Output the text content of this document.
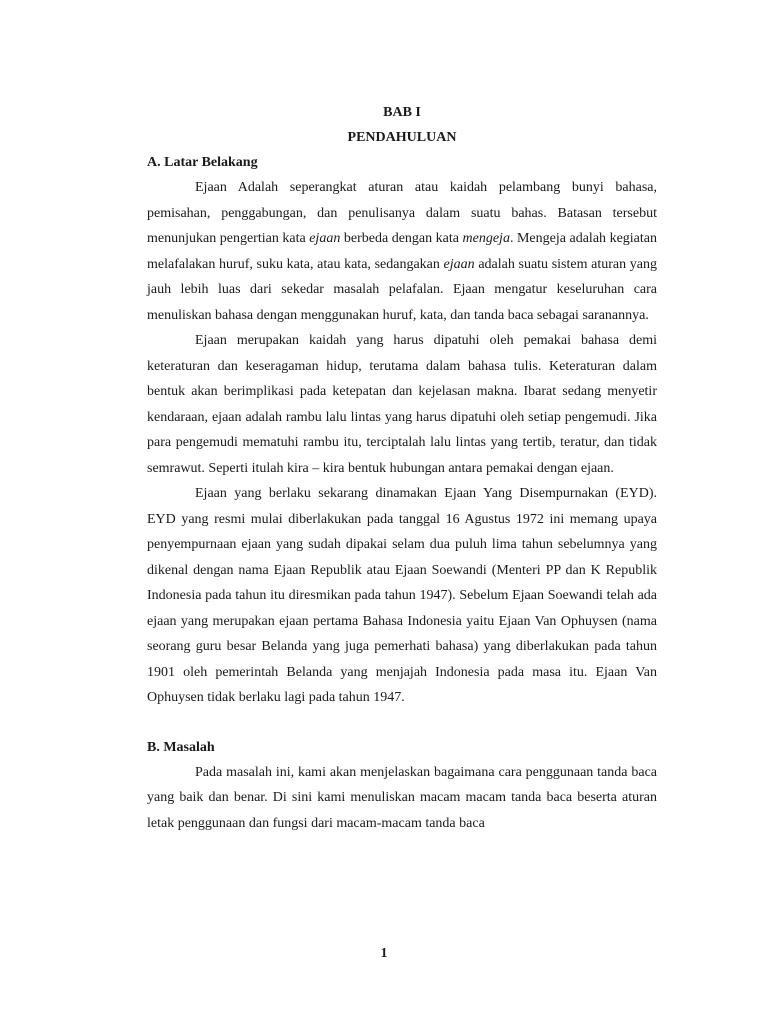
BAB I

PENDAHULUAN

A. Latar Belakang

Ejaan Adalah seperangkat aturan atau kaidah pelambang bunyi bahasa, pemisahan, penggabungan, dan penulisanya dalam suatu bahas. Batasan tersebut menunjukan pengertian kata ejaan berbeda dengan kata mengeja. Mengeja adalah kegiatan melafalakan huruf, suku kata, atau kata, sedangakan ejaan adalah suatu sistem aturan yang jauh lebih luas dari sekedar masalah pelafalan. Ejaan mengatur keseluruhan cara menuliskan bahasa dengan menggunakan huruf, kata, dan tanda baca sebagai saranannya.

Ejaan merupakan kaidah yang harus dipatuhi oleh pemakai bahasa demi keteraturan dan keseragaman hidup, terutama dalam bahasa tulis. Keteraturan dalam bentuk akan berimplikasi pada ketepatan dan kejelasan makna. Ibarat sedang menyetir kendaraan, ejaan adalah rambu lalu lintas yang harus dipatuhi oleh setiap pengemudi. Jika para pengemudi mematuhi rambu itu, terciptalah lalu lintas yang tertib, teratur, dan tidak semrawut. Seperti itulah kira – kira bentuk hubungan antara pemakai dengan ejaan.

Ejaan yang berlaku sekarang dinamakan Ejaan Yang Disempurnakan (EYD). EYD yang resmi mulai diberlakukan pada tanggal 16 Agustus 1972 ini memang upaya penyempurnaan ejaan yang sudah dipakai selam dua puluh lima tahun sebelumnya yang dikenal dengan nama Ejaan Republik atau Ejaan Soewandi (Menteri PP dan K Republik Indonesia pada tahun itu diresmikan pada tahun 1947). Sebelum Ejaan Soewandi telah ada ejaan yang merupakan ejaan pertama Bahasa Indonesia yaitu Ejaan Van Ophuysen (nama seorang guru besar Belanda yang juga pemerhati bahasa) yang diberlakukan pada tahun 1901 oleh pemerintah Belanda yang menjajah Indonesia pada masa itu. Ejaan Van Ophuysen tidak berlaku lagi pada tahun 1947.

B. Masalah

Pada masalah ini, kami akan menjelaskan bagaimana cara penggunaan tanda baca yang baik dan benar. Di sini kami menuliskan macam macam tanda baca beserta aturan letak penggunaan dan fungsi dari macam-macam tanda baca

1
